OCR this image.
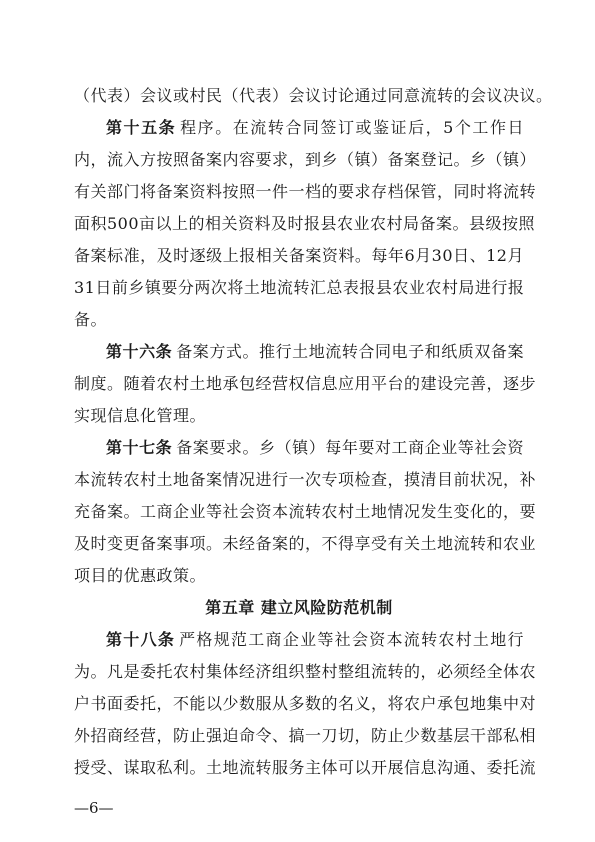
（代表）会议或村民（代表）会议讨论通过同意流转的会议决议。
第十五条 程序。在流转合同签订或鉴证后，5个工作日
内，流入方按照备案内容要求，到乡（镇）备案登记。乡（镇）
有关部门将备案资料按照一件一档的要求存档保管，同时将流转
面积500亩以上的相关资料及时报县农业农村局备案。县级按照
备案标准，及时逐级上报相关备案资料。每年6月30日、12月
31日前乡镇要分两次将土地流转汇总表报县农业农村局进行报
备。
第十六条 备案方式。推行土地流转合同电子和纸质双备案
制度。随着农村土地承包经营权信息应用平台的建设完善，逐步
实现信息化管理。
第十七条 备案要求。乡（镇）每年要对工商企业等社会资
本流转农村土地备案情况进行一次专项检查，摸清目前状况，补
充备案。工商企业等社会资本流转农村土地情况发生变化的，要
第五章 建立风险防范机制
第十八条 严格规范工商企业等社会资本流转农村土地行
为。凡是委托农村集体经济组织整村整组流转的，必须经全体农
户书面委托，不能以少数服从多数的名义，将农户承包地集中对
外招商经营，防止强迫命令、搞一刀切，防止少数基层干部私相
授受、谋取私利。土地流转服务主体可以开展信息沟通、委托流
—6—
及时变更备案事项。未经备案的，不得享受有关土地流转和农业
项目的优惠政策。
